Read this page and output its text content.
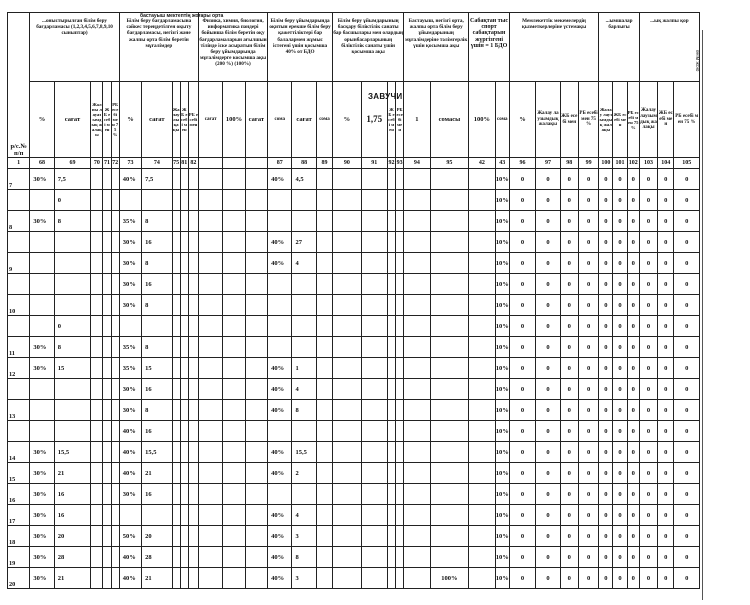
р/с.№ п/п	...оныстырылған білім беру бағдарламасы (1,2,3,4,5,6,7,8,9,10 сыныптар)					Білім беру бағдарламасына сәйкес тереңдетілген оқыту бағдарламасы, негізгі және жалпы орта білім беретін мұғалімдер					Физика, химия, биология, информатика пәндері бойынша білім беретін оқу бағдарламаларын ағылшын тілінде іске асыратын білім беру ұйымдарында мұғалімдерге косымша ақы (200 %) (100%)			Білім беру ұйымдарында оқитын ерекше білім беру қажеттіліктері бар балалармен жұмыс істегені үшін қосымша 40% от БДО			Білім беру ұйымдарының басқару біліктілік санаты бар басшылары мен олардың орынбасарларының біліктілік санаты үшін қосымша ақы				Бастауыш, негізгі орта, жалпы орта білім беру ұйымдарының мұғалімдеріне тәлімгерлік үшін қосымша ақы		Сабақтан тыс спорт сабақтарын жүргізгені үшін = 1 БДО		Мемлекеттік мекемелердің қызметкерлеріне үстемақы				...ымшалар барлығы			...ық жалпы қор		
	%	сағат	Жалпы лауазымдық жалақы	Ж Б есебі мен	РБ есебі мен 75 %	%	сағат	Жалау лықақы	ЖБ есебі мен	РБ есебі мен	сағат	100%	сағат	сома	сағат	сома	%	1,75	ЖБ есебі мен	РБ есебі мен	1	сомасы	100%	сома	%	Жалау лаузымдық жалақы	ЖБ есебі мен	РБ есебі мен 75 %	Жалау лаузымдық жалақы	ЖБ есебі мен	РБ есебі мен 75 %	Жалау лаузымдық жалақы	ЖБ есебі мен	РБ есебі мен 75 %
1	68	69	70	71	72	73	74	75	81	82				87	88	89	90	91	92	93	94	95	42	43	96	97	98	99	100	101	102	103	104	105
7	30%	7,5				40%	7,5							40%	4,5									10%	0	0	0	0	0	0	0	0	0	0
		0																						10%	0	0	0	0	0	0	0	0	0	0
8	30%	8				35%	8																	10%	0	0	0	0	0	0	0	0	0	0
						30%	16							40%	27									10%	0	0	0	0	0	0	0	0	0	0
9						30%	8							40%	4									10%	0	0	0	0	0	0	0	0	0	0
						30%	16																	10%	0	0	0	0	0	0	0	0	0	0
10						30%	8																	10%	0	0	0	0	0	0	0	0	0	0
		0																						10%	0	0	0	0	0	0	0	0	0	0
11	30%	8				35%	8																	10%	0	0	0	0	0	0	0	0	0	0
12	30%	15				35%	15							40%	1									10%	0	0	0	0	0	0	0	0	0	0
						30%	16							40%	4									10%	0	0	0	0	0	0	0	0	0	0
13						30%	8							40%	8									10%	0	0	0	0	0	0	0	0	0	0
						40%	16																	10%	0	0	0	0	0	0	0	0	0	0
14	30%	15,5				40%	15,5							40%	15,5									10%	0	0	0	0	0	0	0	0	0	0
15	30%	21				40%	21							40%	2									10%	0	0	0	0	0	0	0	0	0	0
16	30%	16				30%	16																	10%	0	0	0	0	0	0	0	0	0	0
17	30%	16												40%	4									10%	0	0	0	0	0	0	0	0	0	0
18	30%	20				50%	20							40%	3									10%	0	0	0	0	0	0	0	0	0	0
19	30%	28				40%	28							40%	8									10%	0	0	0	0	0	0	0	0	0	0
20	30%	21				40%	21							40%	3							100%		10%	0	0	0	0	0	0	0	0	0	0
ЗАВУЧИ
бастауыш мектептің жоғары орта
өнім жою
